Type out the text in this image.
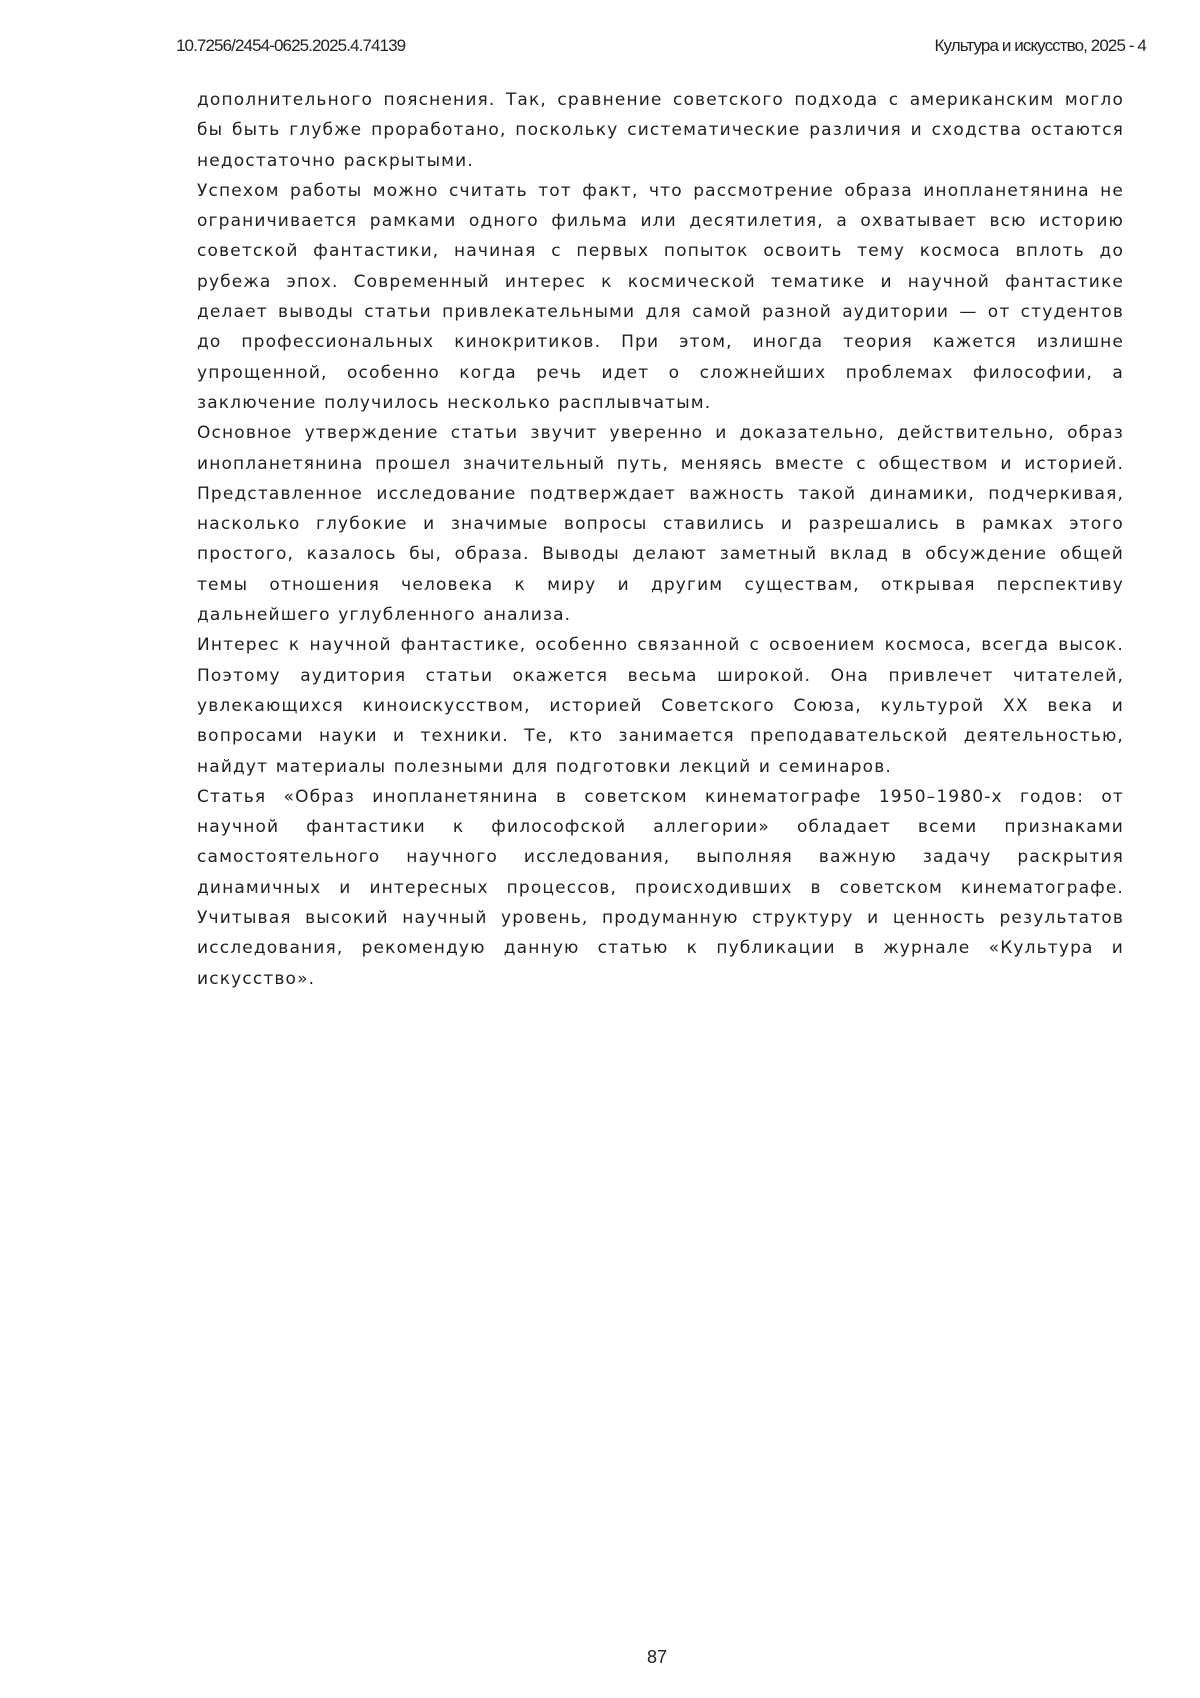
10.7256/2454-0625.2025.4.74139	Культура и искусство, 2025 - 4

дополнительного пояснения. Так, сравнение советского подхода с американским могло бы быть глубже проработано, поскольку систематические различия и сходства остаются недостаточно раскрытыми.

Успехом работы можно считать тот факт, что рассмотрение образа инопланетянина не ограничивается рамками одного фильма или десятилетия, а охватывает всю историю советской фантастики, начиная с первых попыток освоить тему космоса вплоть до рубежа эпох. Современный интерес к космической тематике и научной фантастике делает выводы статьи привлекательными для самой разной аудитории — от студентов до профессиональных кинокритиков. При этом, иногда теория кажется излишне упрощенной, особенно когда речь идет о сложнейших проблемах философии, а заключение получилось несколько расплывчатым.

Основное утверждение статьи звучит уверенно и доказательно, действительно, образ инопланетянина прошел значительный путь, меняясь вместе с обществом и историей. Представленное исследование подтверждает важность такой динамики, подчеркивая, насколько глубокие и значимые вопросы ставились и разрешались в рамках этого простого, казалось бы, образа. Выводы делают заметный вклад в обсуждение общей темы отношения человека к миру и другим существам, открывая перспективу дальнейшего углубленного анализа.

Интерес к научной фантастике, особенно связанной с освоением космоса, всегда высок. Поэтому аудитория статьи окажется весьма широкой. Она привлечет читателей, увлекающихся киноискусством, историей Советского Союза, культурой XX века и вопросами науки и техники. Те, кто занимается преподавательской деятельностью, найдут материалы полезными для подготовки лекций и семинаров.

Статья «Образ инопланетянина в советском кинематографе 1950–1980-х годов: от научной фантастики к философской аллегории» обладает всеми признаками самостоятельного научного исследования, выполняя важную задачу раскрытия динамичных и интересных процессов, происходивших в советском кинематографе. Учитывая высокий научный уровень, продуманную структуру и ценность результатов исследования, рекомендую данную статью к публикации в журнале «Культура и искусство».

87
